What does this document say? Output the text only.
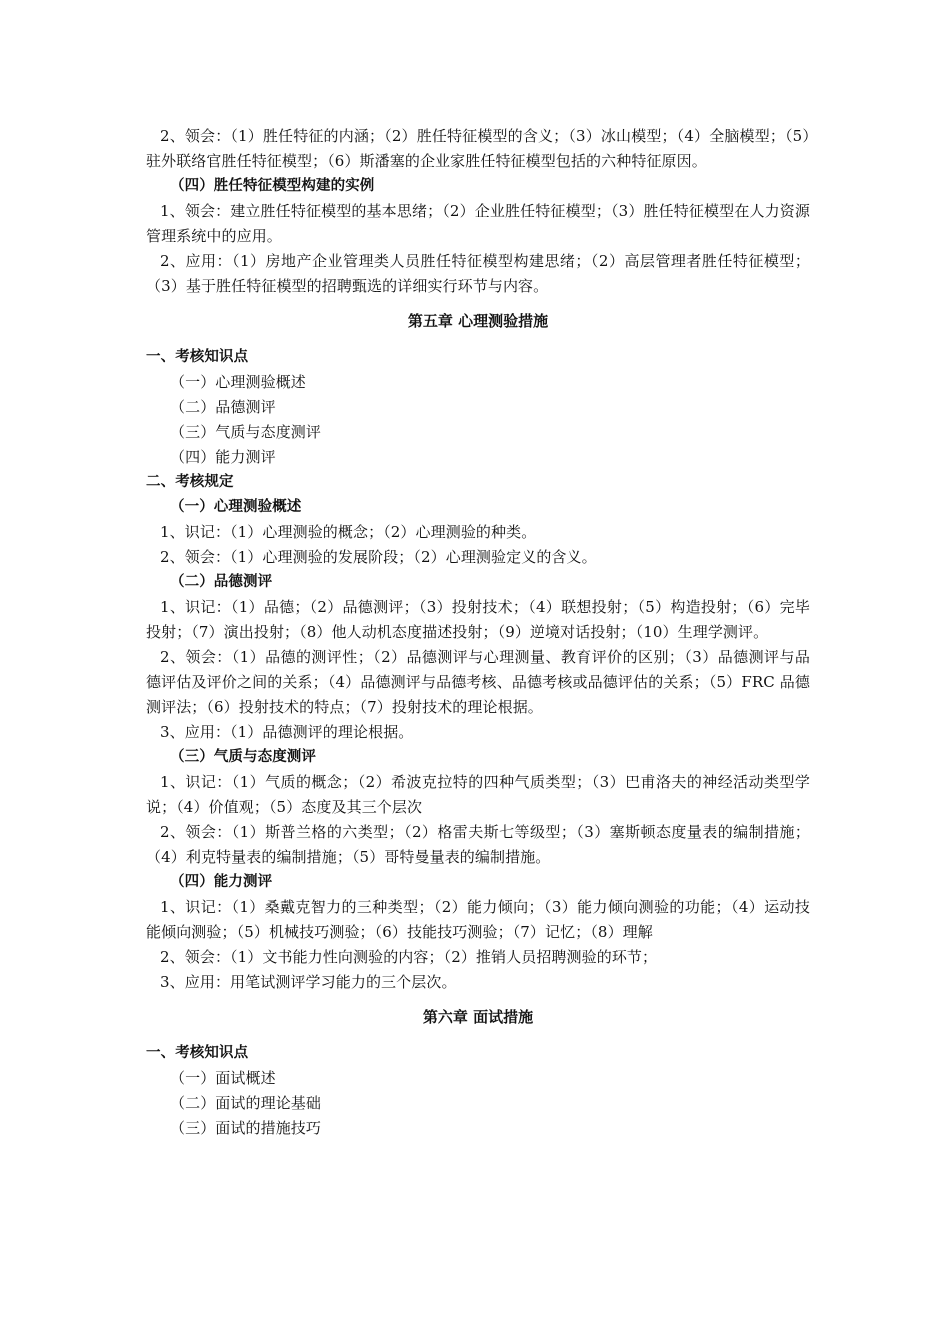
2、领会：（1）胜任特征的内涵；（2）胜任特征模型的含义；（3）冰山模型；（4）全脑模型；（5）驻外联络官胜任特征模型；（6）斯潘塞的企业家胜任特征模型包括的六种特征原因。

（四）胜任特征模型构建的实例

1、领会：建立胜任特征模型的基本思绪；（2）企业胜任特征模型；（3）胜任特征模型在人力资源管理系统中的应用。

2、应用：（1）房地产企业管理类人员胜任特征模型构建思绪；（2）高层管理者胜任特征模型；（3）基于胜任特征模型的招聘甄选的详细实行环节与内容。

第五章 心理测验措施

一、考核知识点

（一）心理测验概述

（二）品德测评

（三）气质与态度测评

（四）能力测评

二、考核规定

（一）心理测验概述

1、识记：（1）心理测验的概念；（2）心理测验的种类。

2、领会：（1）心理测验的发展阶段；（2）心理测验定义的含义。

（二）品德测评

1、识记：（1）品德；（2）品德测评；（3）投射技术；（4）联想投射；（5）构造投射；（6）完毕投射；（7）演出投射；（8）他人动机态度描述投射；（9）逆境对话投射；（10）生理学测评。

2、领会：（1）品德的测评性；（2）品德测评与心理测量、教育评价的区别；（3）品德测评与品德评估及评价之间的关系；（4）品德测评与品德考核、品德考核或品德评估的关系；（5）FRC 品德测评法；（6）投射技术的特点；（7）投射技术的理论根据。

3、应用：（1）品德测评的理论根据。

（三）气质与态度测评

1、识记：（1）气质的概念；（2）希波克拉特的四种气质类型；（3）巴甫洛夫的神经活动类型学说；（4）价值观；（5）态度及其三个层次

2、领会：（1）斯普兰格的六类型；（2）格雷夫斯七等级型；（3）塞斯顿态度量表的编制措施；（4）利克特量表的编制措施；（5）哥特曼量表的编制措施。

（四）能力测评

1、识记：（1）桑戴克智力的三种类型；（2）能力倾向；（3）能力倾向测验的功能；（4）运动技能倾向测验；（5）机械技巧测验；（6）技能技巧测验；（7）记忆；（8）理解

2、领会：（1）文书能力性向测验的内容；（2）推销人员招聘测验的环节；

3、应用：用笔试测评学习能力的三个层次。

第六章 面试措施

一、考核知识点

（一）面试概述

（二）面试的理论基础

（三）面试的措施技巧
